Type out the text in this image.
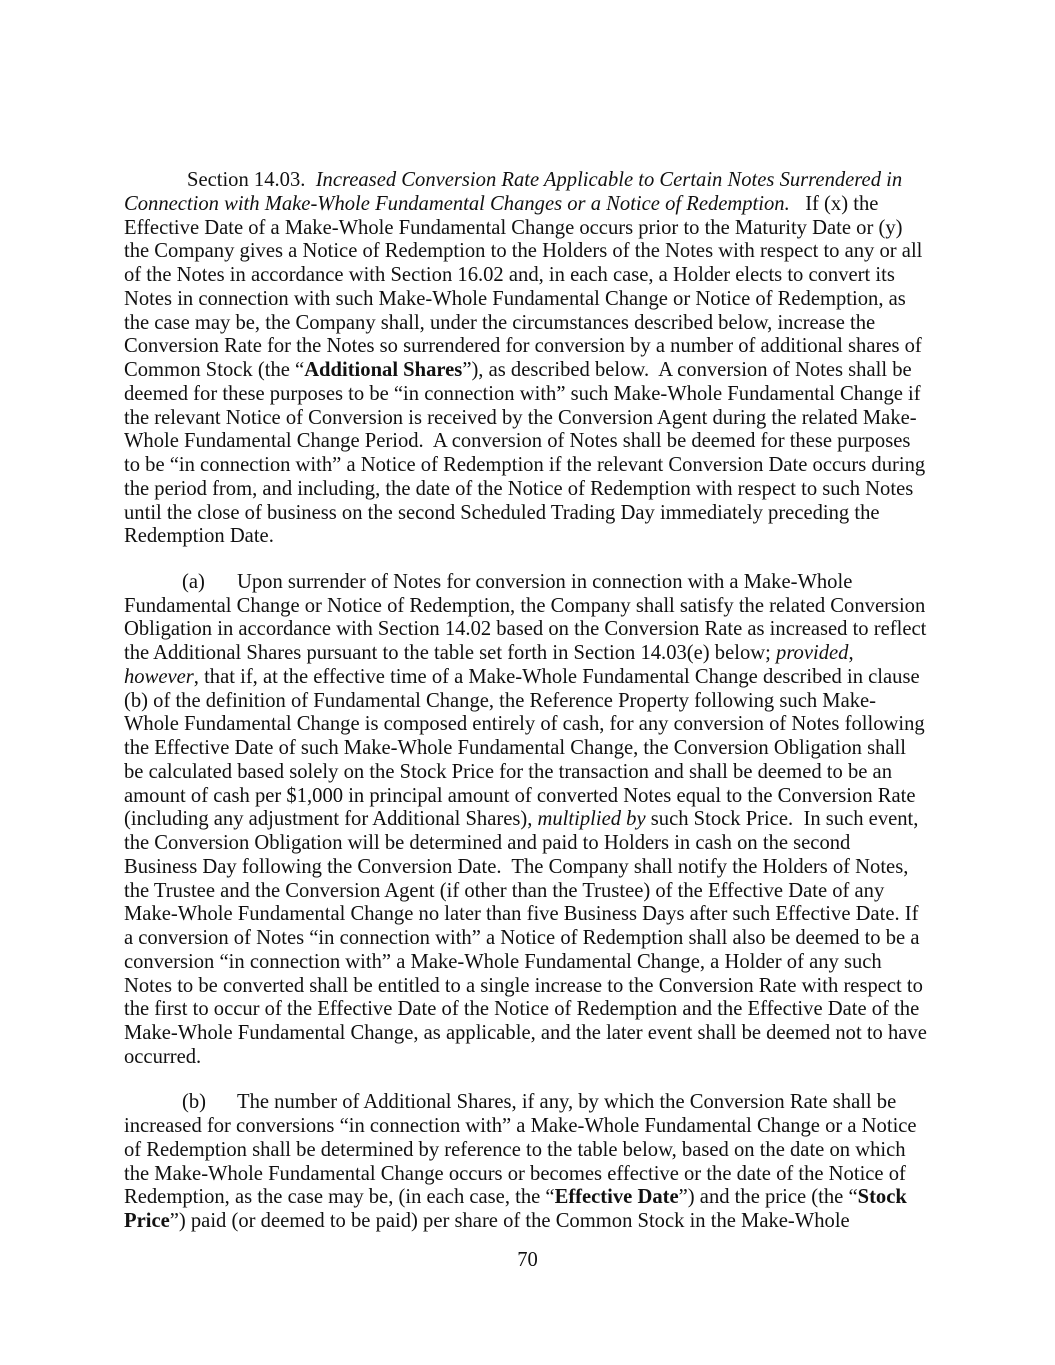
Section 14.03.  Increased Conversion Rate Applicable to Certain Notes Surrendered in
Connection with Make-Whole Fundamental Changes or a Notice of Redemption.   If (x) the
Effective Date of a Make-Whole Fundamental Change occurs prior to the Maturity Date or (y)
the Company gives a Notice of Redemption to the Holders of the Notes with respect to any or all
of the Notes in accordance with Section 16.02 and, in each case, a Holder elects to convert its
Notes in connection with such Make-Whole Fundamental Change or Notice of Redemption, as
the case may be, the Company shall, under the circumstances described below, increase the
Conversion Rate for the Notes so surrendered for conversion by a number of additional shares of
Common Stock (the “Additional Shares”), as described below.  A conversion of Notes shall be
deemed for these purposes to be “in connection with” such Make-Whole Fundamental Change if
the relevant Notice of Conversion is received by the Conversion Agent during the related Make-
Whole Fundamental Change Period.  A conversion of Notes shall be deemed for these purposes
to be “in connection with” a Notice of Redemption if the relevant Conversion Date occurs during
the period from, and including, the date of the Notice of Redemption with respect to such Notes
until the close of business on the second Scheduled Trading Day immediately preceding the
Redemption Date.
(a) Upon surrender of Notes for conversion in connection with a Make-Whole
Fundamental Change or Notice of Redemption, the Company shall satisfy the related Conversion
Obligation in accordance with Section 14.02 based on the Conversion Rate as increased to reflect
the Additional Shares pursuant to the table set forth in Section 14.03(e) below; provided,
however, that if, at the effective time of a Make-Whole Fundamental Change described in clause
(b) of the definition of Fundamental Change, the Reference Property following such Make-
Whole Fundamental Change is composed entirely of cash, for any conversion of Notes following
the Effective Date of such Make-Whole Fundamental Change, the Conversion Obligation shall
be calculated based solely on the Stock Price for the transaction and shall be deemed to be an
amount of cash per $1,000 in principal amount of converted Notes equal to the Conversion Rate
(including any adjustment for Additional Shares), multiplied by such Stock Price.  In such event,
the Conversion Obligation will be determined and paid to Holders in cash on the second
Business Day following the Conversion Date.  The Company shall notify the Holders of Notes,
the Trustee and the Conversion Agent (if other than the Trustee) of the Effective Date of any
Make-Whole Fundamental Change no later than five Business Days after such Effective Date. If
a conversion of Notes “in connection with” a Notice of Redemption shall also be deemed to be a
conversion “in connection with” a Make-Whole Fundamental Change, a Holder of any such
Notes to be converted shall be entitled to a single increase to the Conversion Rate with respect to
the first to occur of the Effective Date of the Notice of Redemption and the Effective Date of the
Make-Whole Fundamental Change, as applicable, and the later event shall be deemed not to have
occurred.
(b) The number of Additional Shares, if any, by which the Conversion Rate shall be
increased for conversions “in connection with” a Make-Whole Fundamental Change or a Notice
of Redemption shall be determined by reference to the table below, based on the date on which
the Make-Whole Fundamental Change occurs or becomes effective or the date of the Notice of
Redemption, as the case may be, (in each case, the “Effective Date”) and the price (the “Stock
Price”) paid (or deemed to be paid) per share of the Common Stock in the Make-Whole
70
